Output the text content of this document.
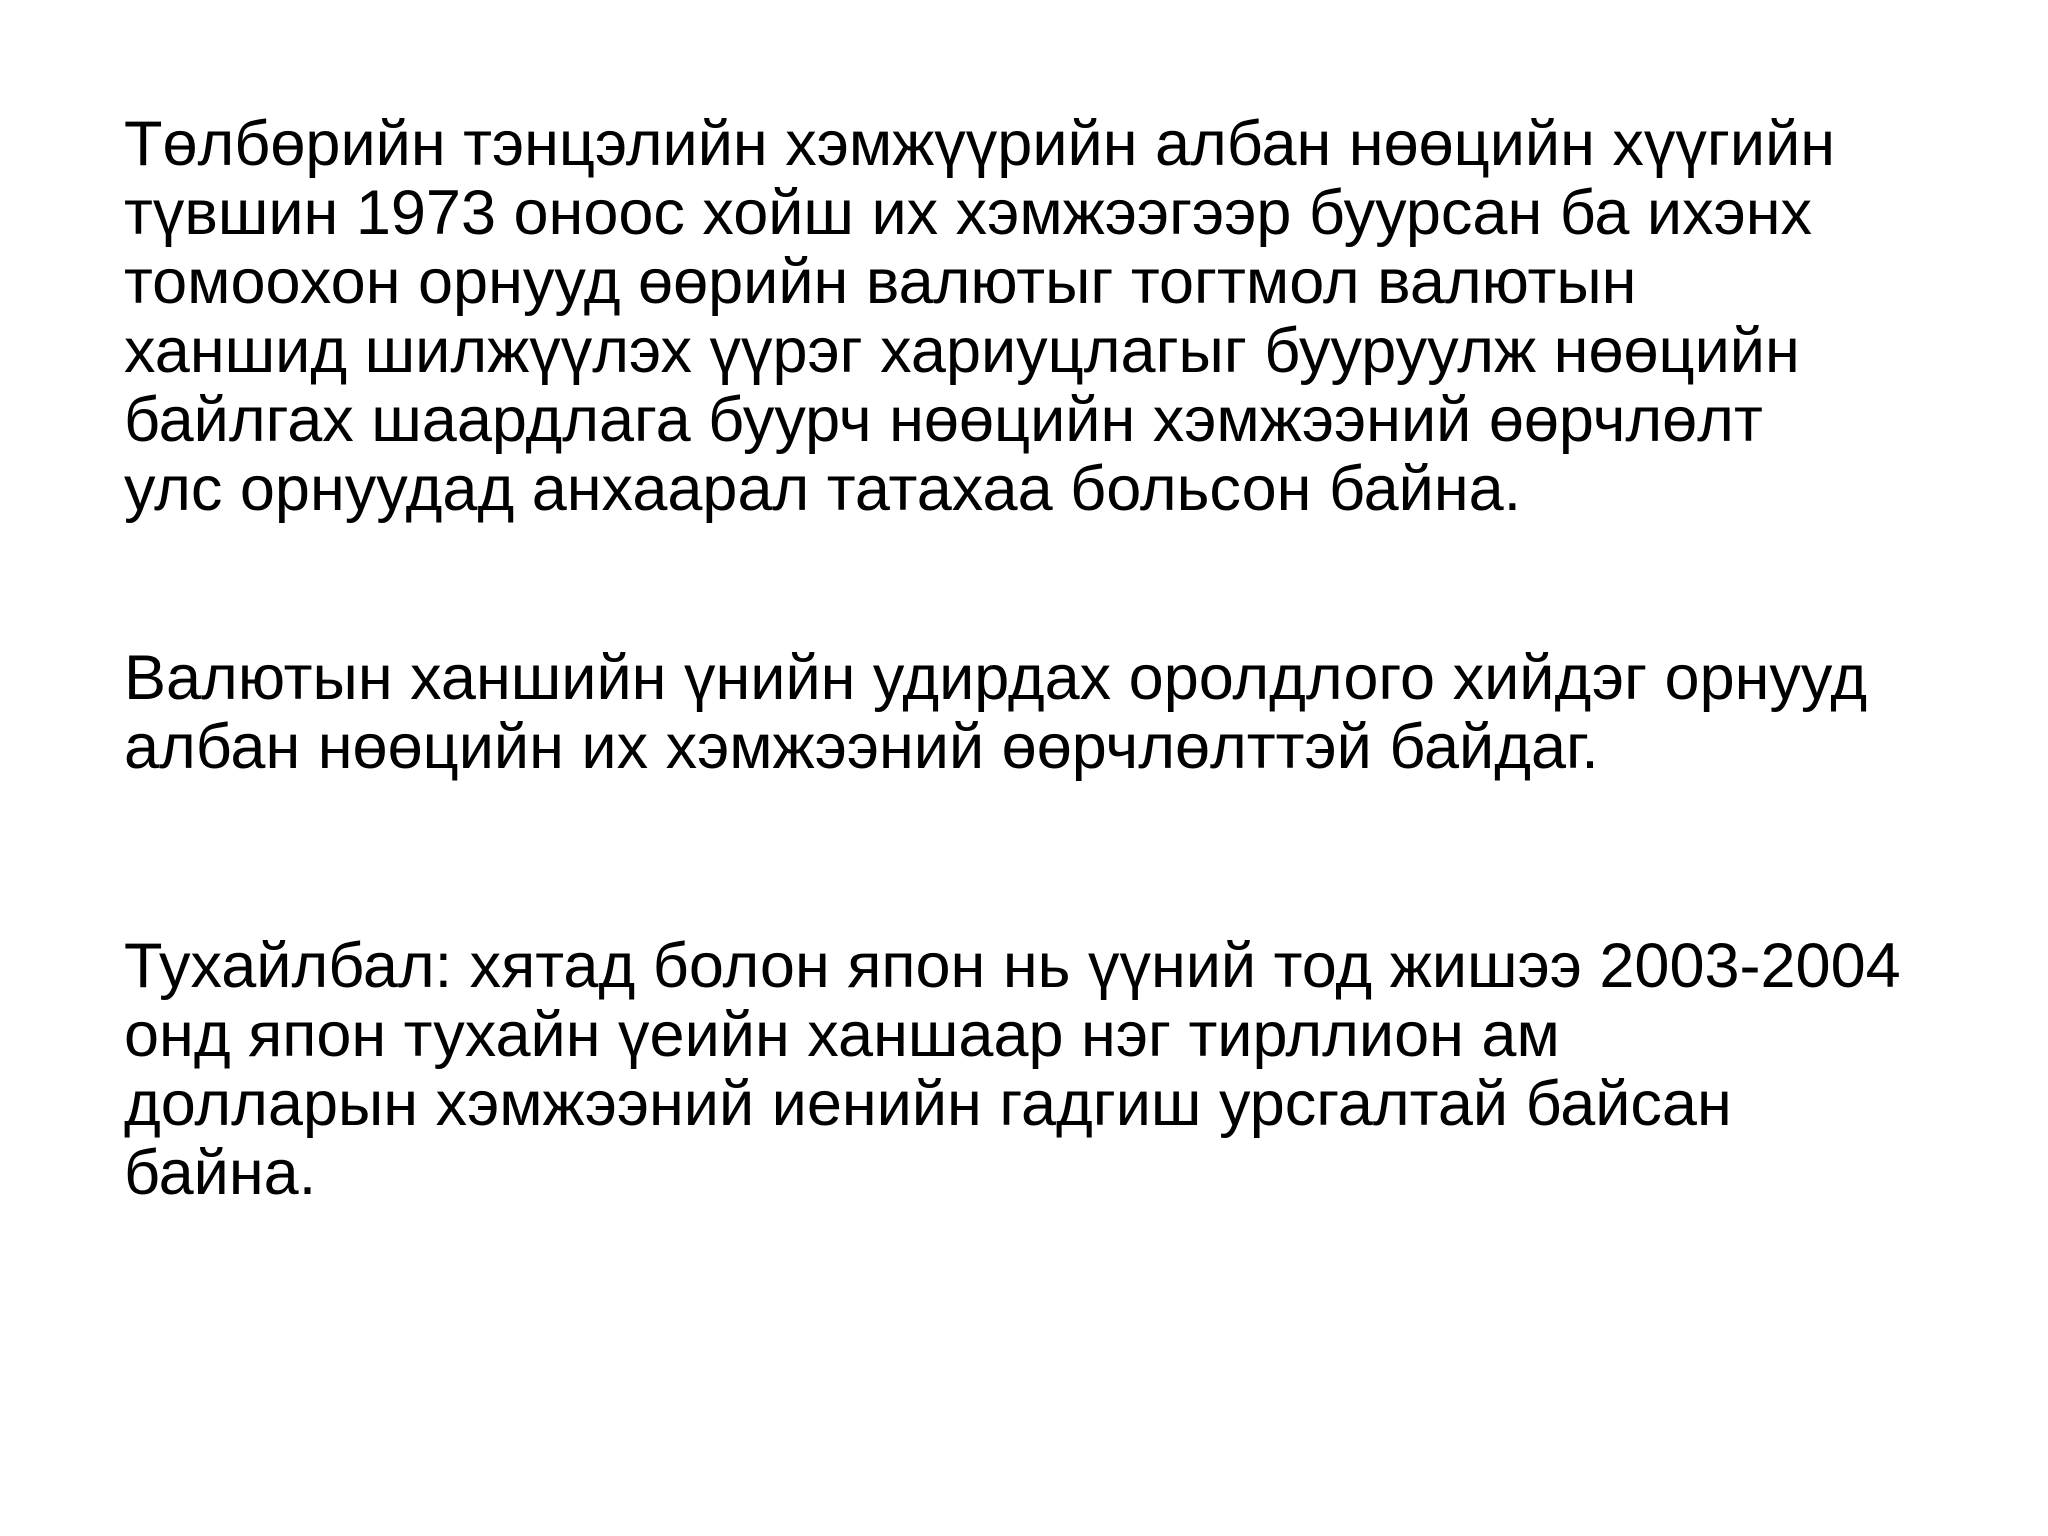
Төлбөрийн тэнцэлийн хэмжүүрийн албан нөөцийн хүүгийн
түвшин 1973 оноос хойш их хэмжээгээр буурсан ба ихэнх
томоохон орнууд өөрийн валютыг тогтмол валютын
ханшид шилжүүлэх үүрэг хариуцлагыг бууруулж нөөцийн
байлгах шаардлага буурч нөөцийн хэмжээний өөрчлөлт
улс орнуудад анхаарал татахаа больсон байна.

Валютын ханшийн үнийн удирдах оролдлого хийдэг орнууд
албан нөөцийн их хэмжээний өөрчлөлттэй байдаг.

Тухайлбал: хятад болон япон нь үүний тод жишээ 2003-2004
онд япон тухайн үеийн ханшаар нэг тирллион ам
долларын хэмжээний иенийн гадгиш урсгалтай байсан
байна.
